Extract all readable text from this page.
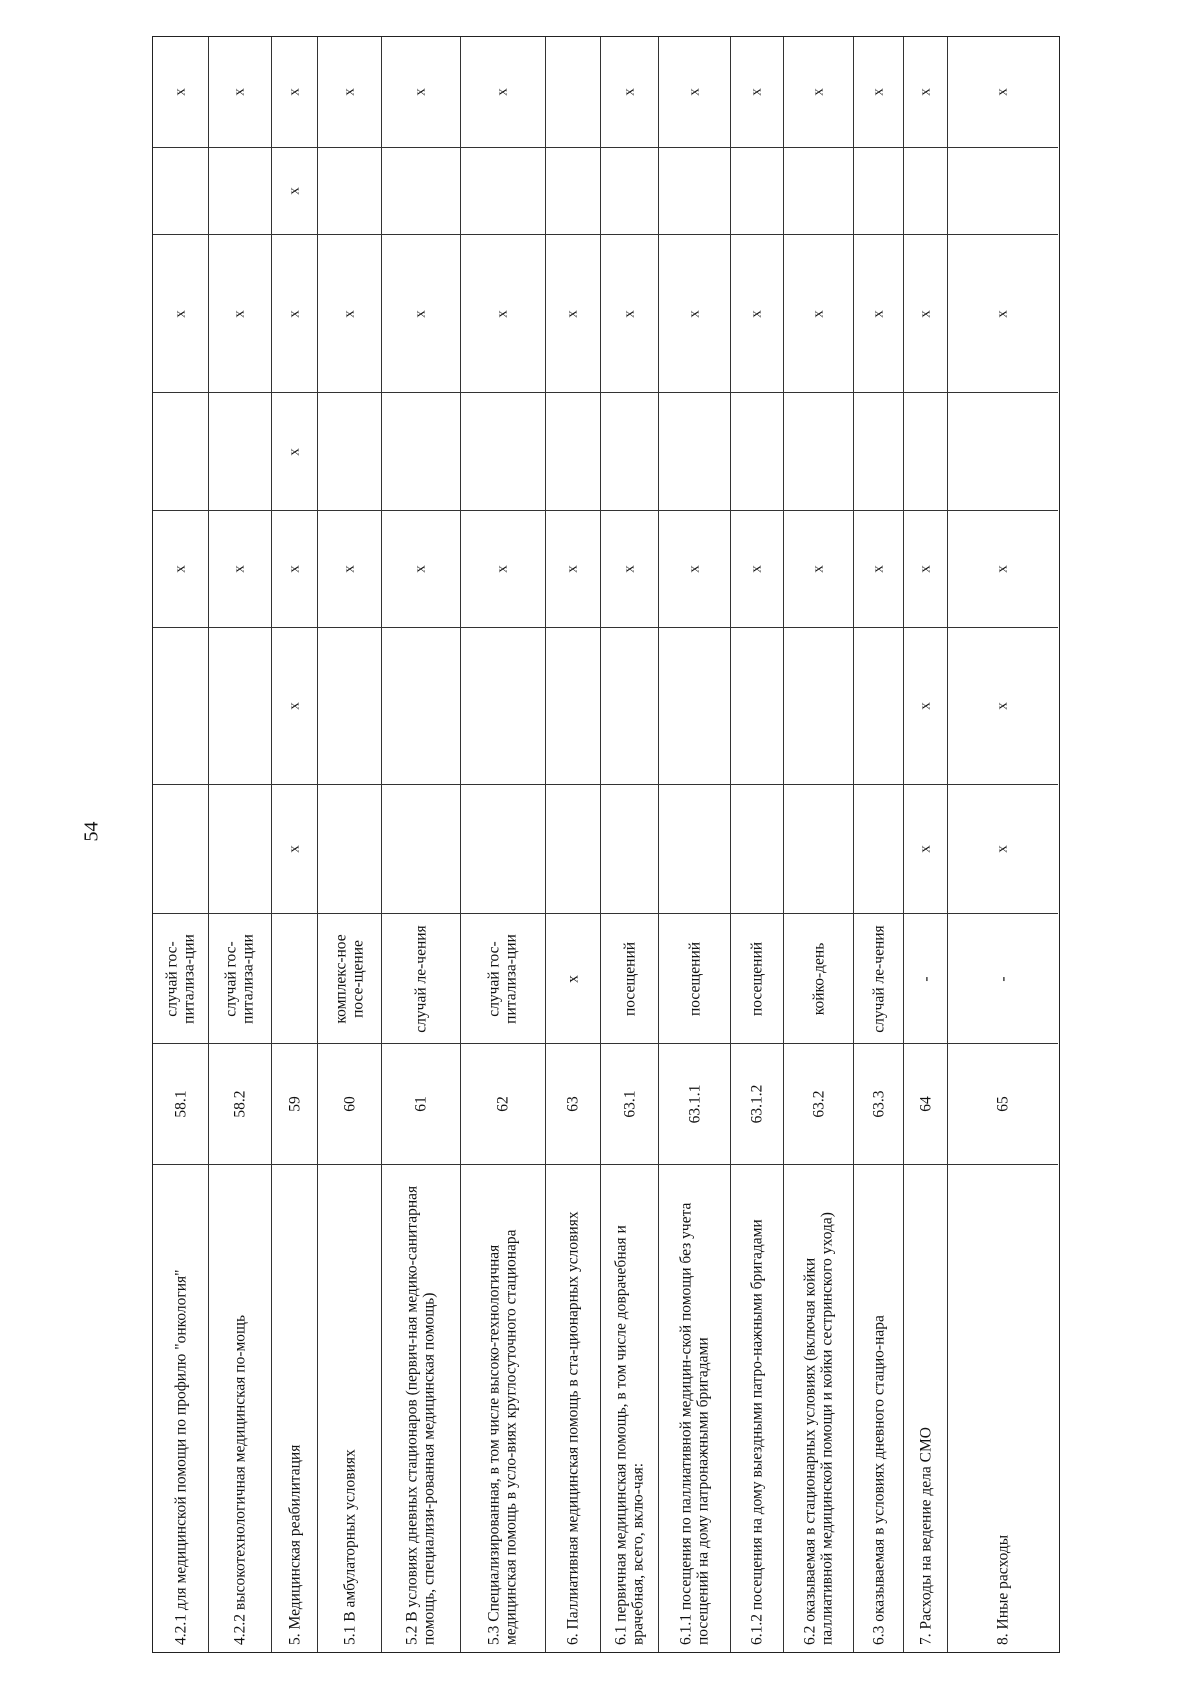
54
4.2.1 для медицинской помощи по профилю "онкология"
58.1
случай гос-питализа-ции
х
х
х
4.2.2 высокотехнологичная медицинская по-мощь
58.2
случай гос-питализа-ции
х
х
х
5. Медицинская реабилитация
59
х
х
х
х
х
х
х
5.1 В амбулаторных условиях
60
комплекс-ное посе-щение
х
х
х
5.2 В условиях дневных стационаров (первич-ная медико-санитарная помощь, специализи-рованная медицинская помощь)
61
случай ле-чения
х
х
х
5.3 Специализированная, в том числе высоко-технологичная медицинская помощь в усло-виях круглосуточного стационара
62
случай гос-питализа-ции
х
х
х
6. Паллиативная медицинская помощь в ста-ционарных условиях
63
х
х
х
6.1 первичная медицинская помощь, в том числе доврачебная и врачебная, всего, вклю-чая:
63.1
посещений
х
х
х
6.1.1 посещения по паллиативной медицин-ской помощи без учета посещений на дому патронажными бригадами
63.1.1
посещений
х
х
х
6.1.2 посещения на дому выездными патро-нажными бригадами
63.1.2
посещений
х
х
х
6.2 оказываемая в стационарных условиях (включая койки паллиативной медицинской помощи и койки сестринского ухода)
63.2
койко-день
х
х
х
6.3 оказываемая в условиях дневного стацио-нара
63.3
случай ле-чения
х
х
х
7. Расходы на ведение дела СМО
64
-
х
х
х
х
х
8. Иные расходы
65
-
х
х
х
х
х
